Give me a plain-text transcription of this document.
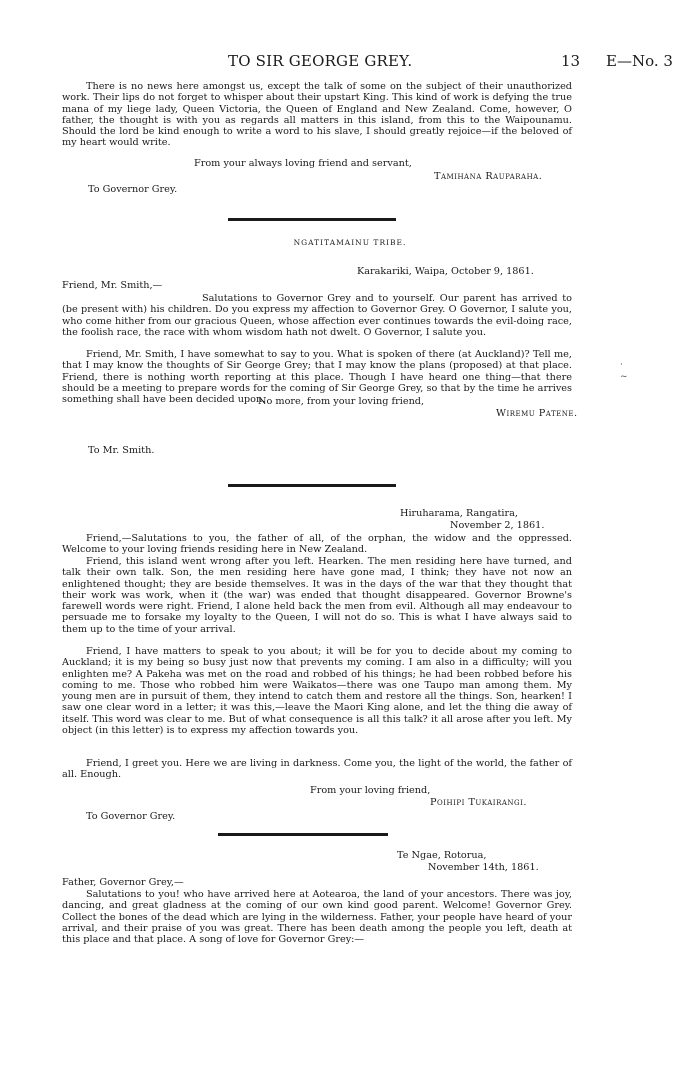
TO SIR GEORGE GREY.	13 E—No. 3

There is no news here amongst us, except the talk of some on the subject of their unauthorized work. Their lips do not forget to whisper about their upstart King. This kind of work is defying the true mana of my liege lady, Queen Victoria, the Queen of England and New Zealand. Come, however, O father, the thought is with you as regards all matters in this island, from this to the Waipounamu. Should the lord be kind enough to write a word to his slave, I should greatly rejoice—if the beloved of my heart would write.

From your always loving friend and servant,
Tamihana Rauparaha.
To Governor Grey.
NGATITAMAINU TRIBE.
Karakariki, Waipa, October 9, 1861.
Friend, Mr. Smith,—

Salutations to Governor Grey and to yourself. Our parent has arrived to (be present with) his children. Do you express my affection to Governor Grey. O Governor, I salute you, who come hither from our gracious Queen, whose affection ever continues towards the evil-doing race, the foolish race, the race with whom wisdom hath not dwelt. O Governor, I salute you.

Friend, Mr. Smith, I have somewhat to say to you. What is spoken of there (at Auckland)? Tell me, that I may know the thoughts of Sir George Grey; that I may know the plans (proposed) at that place. Friend, there is nothing worth reporting at this place. Though I have heard one thing—that there should be a meeting to prepare words for the coming of Sir George Grey, so that by the time he arrives something shall have been decided upon.

No more, from your loving friend,
Wiremu Patene.
To Mr. Smith.
·
~
Hiruharama, Rangatira,
November 2, 1861.

Friend,—Salutations to you, the father of all, of the orphan, the widow and the oppressed. Welcome to your loving friends residing here in New Zealand.

Friend, this island went wrong after you left. Hearken. The men residing here have turned, and talk their own talk. Son, the men residing here have gone mad, I think; they have not now an enlightened thought; they are beside themselves. It was in the days of the war that they thought that their work was work, when it (the war) was ended that thought disappeared. Governor Browne's farewell words were right. Friend, I alone held back the men from evil. Although all may endeavour to persuade me to forsake my loyalty to the Queen, I will not do so. This is what I have always said to them up to the time of your arrival.

Friend, I have matters to speak to you about; it will be for you to decide about my coming to Auckland; it is my being so busy just now that prevents my coming. I am also in a difficulty; will you enlighten me? A Pakeha was met on the road and robbed of his things; he had been robbed before his coming to me. Those who robbed him were Waikatos—there was one Taupo man among them. My young men are in pursuit of them, they intend to catch them and restore all the things. Son, hearken! I saw one clear word in a letter; it was this,—leave the Maori King alone, and let the thing die away of itself. This word was clear to me. But of what consequence is all this talk? it all arose after you left. My object (in this letter) is to express my affection towards you.

Friend, I greet you. Here we are living in darkness. Come you, the light of the world, the father of all. Enough.

From your loving friend,
Poihipi Tukairangi.
To Governor Grey.
Te Ngae, Rotorua,
November 14th, 1861.
Father, Governor Grey,—

Salutations to you! who have arrived here at Aotearoa, the land of your ancestors. There was joy, dancing, and great gladness at the coming of our own kind good parent. Welcome! Governor Grey. Collect the bones of the dead which are lying in the wilderness. Father, your people have heard of your arrival, and their praise of you was great. There has been death among the people you left, death at this place and that place. A song of love for Governor Grey:—
